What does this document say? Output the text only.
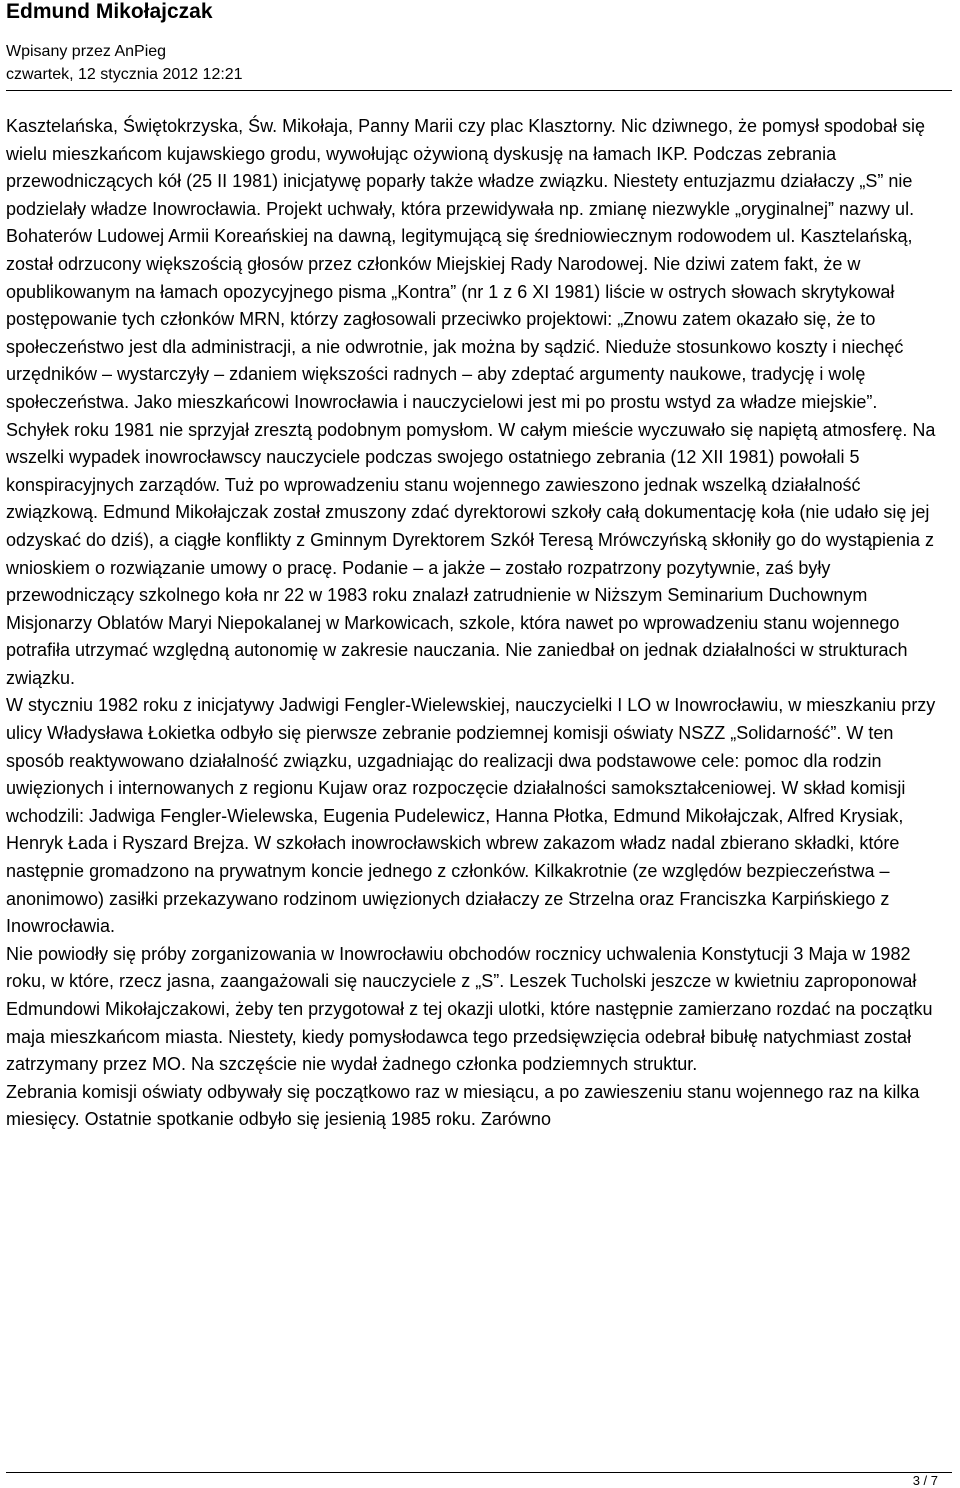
Edmund Mikołajczak
Wpisany przez AnPieg
czwartek, 12 stycznia 2012 12:21

Kasztelańska, Świętokrzyska, Św. Mikołaja, Panny Marii czy plac Klasztorny. Nic dziwnego, że pomysł spodobał się wielu mieszkańcom kujawskiego grodu, wywołując ożywioną dyskusję na łamach IKP. Podczas zebrania przewodniczących kół (25 II 1981) inicjatywę poparły także władze związku. Niestety entuzjazmu działaczy „S” nie podzielały władze Inowrocławia. Projekt uchwały, która przewidywała np. zmianę niezwykle „oryginalnej” nazwy ul. Bohaterów Ludowej Armii Koreańskiej na dawną, legitymującą się średniowiecznym rodowodem ul. Kasztelańską, został odrzucony większością głosów przez członków Miejskiej Rady Narodowej. Nie dziwi zatem fakt, że w opublikowanym na łamach opozycyjnego pisma „Kontra” (nr 1 z 6 XI 1981) liście w ostrych słowach skrytykował postępowanie tych członków MRN, którzy zagłosowali przeciwko projektowi: „Znowu zatem okazało się, że to społeczeństwo jest dla administracji, a nie odwrotnie, jak można by sądzić. Nieduże stosunkowo koszty i niechęć urzędników – wystarczyły – zdaniem większości radnych – aby zdeptać argumenty naukowe, tradycję i wolę społeczeństwa. Jako mieszkańcowi Inowrocławia i nauczycielowi jest mi po prostu wstyd za władze miejskie”.

Schyłek roku 1981 nie sprzyjał zresztą podobnym pomysłom. W całym mieście wyczuwało się napiętą atmosferę. Na wszelki wypadek inowrocławscy nauczyciele podczas swojego ostatniego zebrania (12 XII 1981) powołali 5 konspiracyjnych zarządów. Tuż po wprowadzeniu stanu wojennego zawieszono jednak wszelką działalność związkową. Edmund Mikołajczak został zmuszony zdać dyrektorowi szkoły całą dokumentację koła (nie udało się jej odzyskać do dziś), a ciągłe konflikty z Gminnym Dyrektorem Szkół Teresą Mrówczyńską skłoniły go do wystąpienia z wnioskiem o rozwiązanie umowy o pracę. Podanie – a jakże – zostało rozpatrzony pozytywnie, zaś były przewodniczący szkolnego koła nr 22 w 1983 roku znalazł zatrudnienie w Niższym Seminarium Duchownym Misjonarzy Oblatów Maryi Niepokalanej w Markowicach, szkole, która nawet po wprowadzeniu stanu wojennego potrafiła utrzymać względną autonomię w zakresie nauczania. Nie zaniedbał on jednak działalności w strukturach związku.

W styczniu 1982 roku z inicjatywy Jadwigi Fengler-Wielewskiej, nauczycielki I LO w Inowrocławiu, w mieszkaniu przy ulicy Władysława Łokietka odbyło się pierwsze zebranie podziemnej komisji oświaty NSZZ „Solidarność”. W ten sposób reaktywowano działalność związku, uzgadniając do realizacji dwa podstawowe cele: pomoc dla rodzin uwięzionych i internowanych z regionu Kujaw oraz rozpoczęcie działalności samokształceniowej. W skład komisji wchodzili: Jadwiga Fengler-Wielewska, Eugenia Pudelewicz, Hanna Płotka, Edmund Mikołajczak, Alfred Krysiak, Henryk Łada i Ryszard Brejza. W szkołach inowrocławskich wbrew zakazom władz nadal zbierano składki, które następnie gromadzono na prywatnym koncie jednego z członków. Kilkakrotnie (ze względów bezpieczeństwa – anonimowo) zasiłki przekazywano rodzinom uwięzionych działaczy ze Strzelna oraz Franciszka Karpińskiego z Inowrocławia.

Nie powiodły się próby zorganizowania w Inowrocławiu obchodów rocznicy uchwalenia Konstytucji 3 Maja w 1982 roku, w które, rzecz jasna, zaangażowali się nauczyciele z „S”. Leszek Tucholski jeszcze w kwietniu zaproponował Edmundowi Mikołajczakowi, żeby ten przygotował z tej okazji ulotki, które następnie zamierzano rozdać na początku maja mieszkańcom miasta. Niestety, kiedy pomysłodawca tego przedsięwzięcia odebrał bibułę natychmiast został zatrzymany przez MO. Na szczęście nie wydał żadnego członka podziemnych struktur.

Zebrania komisji oświaty odbywały się początkowo raz w miesiącu, a po zawieszeniu stanu wojennego raz na kilka miesięcy. Ostatnie spotkanie odbyło się jesienią 1985 roku. Zarówno

3 / 7
